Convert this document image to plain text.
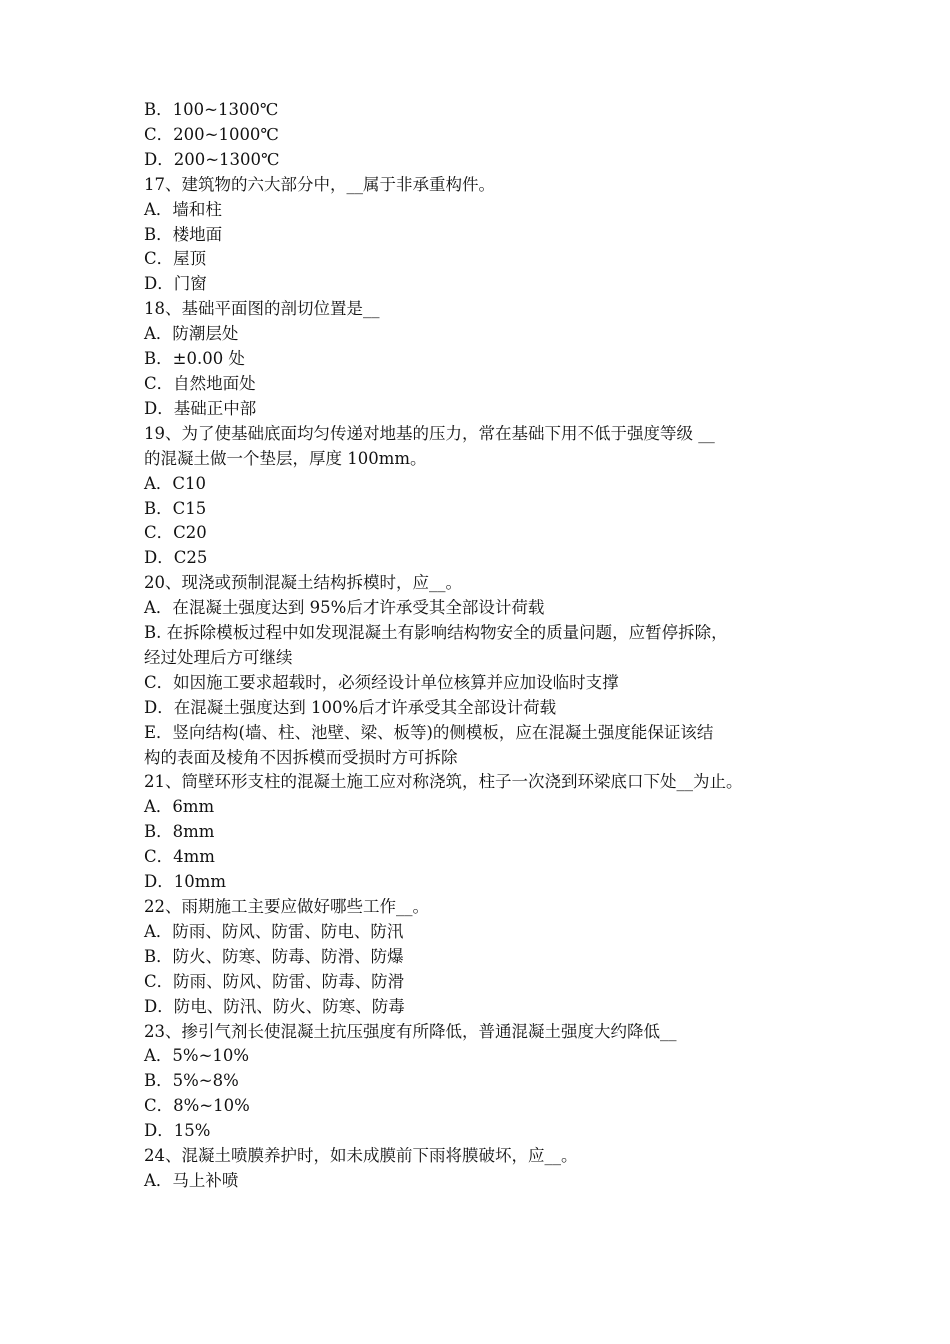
B．100~1300℃
C．200~1000℃
D．200~1300℃
17、建筑物的六大部分中，__属于非承重构件。
A．墙和柱
B．楼地面
C．屋顶
D．门窗
18、基础平面图的剖切位置是__
A．防潮层处
B．±0.00 处
C．自然地面处
D．基础正中部
19、为了使基础底面均匀传递对地基的压力，常在基础下用不低于强度等级 __
的混凝土做一个垫层，厚度 100mm。
A．C10
B．C15
C．C20
D．C25
20、现浇或预制混凝土结构拆模时，应__。
A．在混凝土强度达到 95%后才许承受其全部设计荷载
B. 在拆除模板过程中如发现混凝土有影响结构物安全的质量问题，应暂停拆除，
经过处理后方可继续
C．如因施工要求超载时，必须经设计单位核算并应加设临时支撑
D．在混凝土强度达到 100%后才许承受其全部设计荷载
E．竖向结构(墙、柱、池壁、梁、板等)的侧模板，应在混凝土强度能保证该结
构的表面及棱角不因拆模而受损时方可拆除
21、筒壁环形支柱的混凝土施工应对称浇筑，柱子一次浇到环梁底口下处__为止。
A．6mm
B．8mm
C．4mm
D．10mm
22、雨期施工主要应做好哪些工作__。
A．防雨、防风、防雷、防电、防汛
B．防火、防寒、防毒、防滑、防爆
C．防雨、防风、防雷、防毒、防滑
D．防电、防汛、防火、防寒、防毒
23、掺引气剂长使混凝土抗压强度有所降低，普通混凝土强度大约降低__
A．5%~10%
B．5%~8%
C．8%~10%
D．15%
24、混凝土喷膜养护时，如未成膜前下雨将膜破坏，应__。
A．马上补喷
